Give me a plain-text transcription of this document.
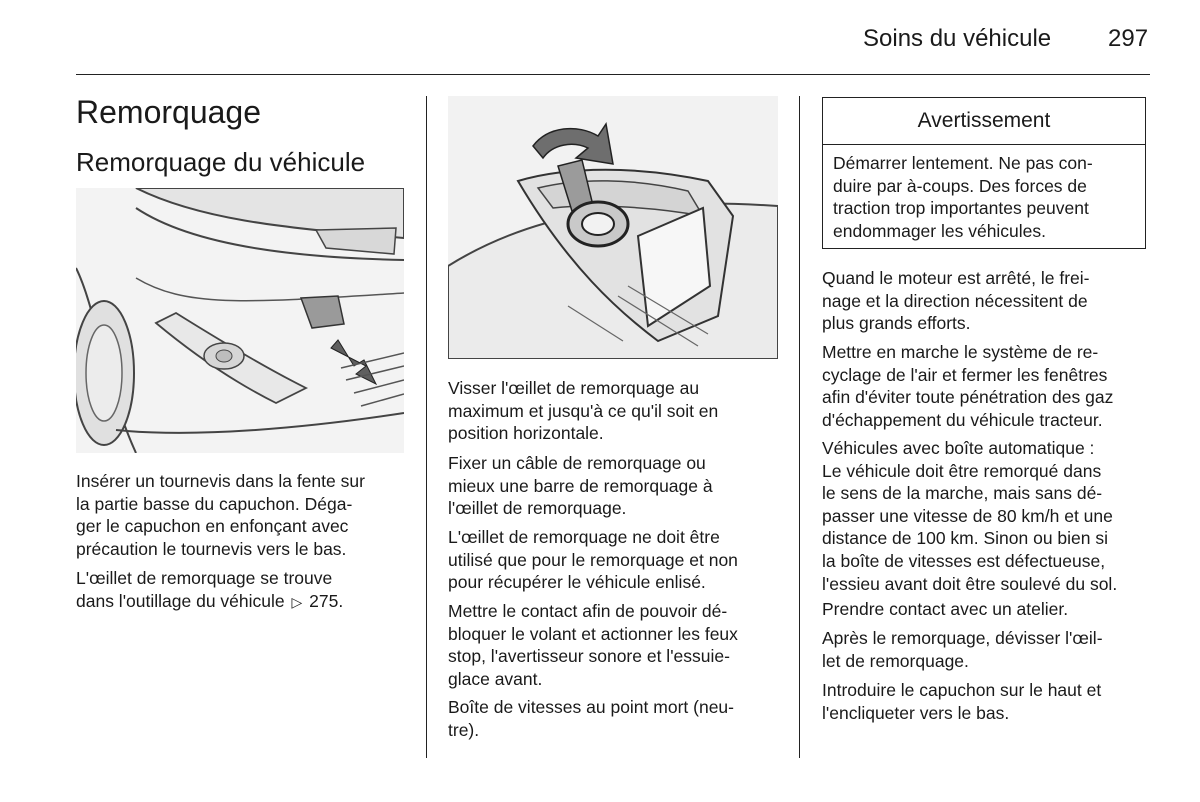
Soins du véhicule 297
Remorquage
Remorquage du véhicule

Insérer un tournevis dans la fente sur
la partie basse du capuchon. Déga-
ger le capuchon en enfonçant avec
précaution le tournevis vers le bas.

L'œillet de remorquage se trouve
dans l'outillage du véhicule ▷ 275.

Visser l'œillet de remorquage au
maximum et jusqu'à ce qu'il soit en
position horizontale.

Fixer un câble de remorquage ou
mieux une barre de remorquage à
l'œillet de remorquage.

L'œillet de remorquage ne doit être
utilisé que pour le remorquage et non
pour récupérer le véhicule enlisé.

Mettre le contact afin de pouvoir dé-
bloquer le volant et actionner les feux
stop, l'avertisseur sonore et l'essuie-
glace avant.

Boîte de vitesses au point mort (neu-
tre).

Avertissement
Démarrer lentement. Ne pas con-
duire par à-coups. Des forces de
traction trop importantes peuvent
endommager les véhicules.

Quand le moteur est arrêté, le frei-
nage et la direction nécessitent de
plus grands efforts.

Mettre en marche le système de re-
cyclage de l'air et fermer les fenêtres
afin d'éviter toute pénétration des gaz
d'échappement du véhicule tracteur.

Véhicules avec boîte automatique :
Le véhicule doit être remorqué dans
le sens de la marche, mais sans dé-
passer une vitesse de 80 km/h et une
distance de 100 km. Sinon ou bien si
la boîte de vitesses est défectueuse,
l'essieu avant doit être soulevé du sol.

Prendre contact avec un atelier.

Après le remorquage, dévisser l'œil-
let de remorquage.

Introduire le capuchon sur le haut et
l'encliqueter vers le bas.
